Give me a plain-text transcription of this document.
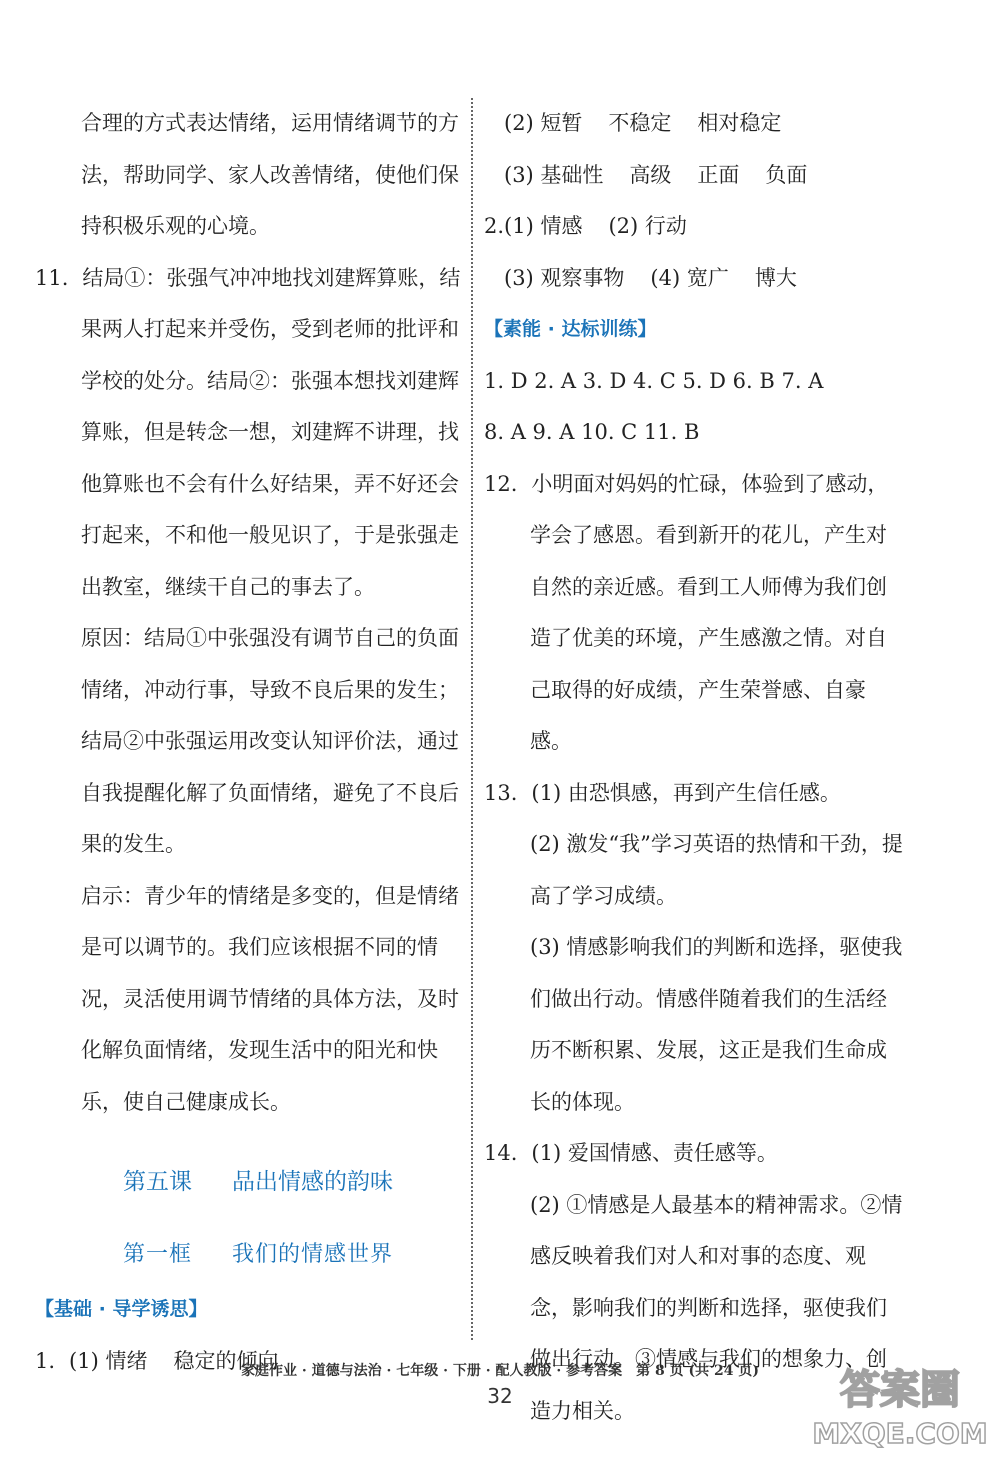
合理的方式表达情绪，运用情绪调节的方法，帮助同学、家人改善情绪，使他们保持积极乐观的心境。

11. 结局①：张强气冲冲地找刘建辉算账，结果两人打起来并受伤，受到老师的批评和学校的处分。结局②：张强本想找刘建辉算账，但是转念一想，刘建辉不讲理，找他算账也不会有什么好结果，弄不好还会打起来，不和他一般见识了，于是张强走出教室，继续干自己的事去了。

原因：结局①中张强没有调节自己的负面情绪，冲动行事，导致不良后果的发生；结局②中张强运用改变认知评价法，通过自我提醒化解了负面情绪，避免了不良后果的发生。

启示：青少年的情绪是多变的，但是情绪是可以调节的。我们应该根据不同的情况，灵活使用调节情绪的具体方法，及时化解负面情绪，发现生活中的阳光和快乐，使自己健康成长。

第五课 品出情感的韵味

第一框 我们的情感世界

【基础 · 导学诱思】

1. (1) 情绪 稳定的倾向

(2) 短暂 不稳定 相对稳定

(3) 基础性 高级 正面 负面

2.(1) 情感 (2) 行动

(3) 观察事物 (4) 宽广 博大

【素能 · 达标训练】

1. D 2. A 3. D 4. C 5. D 6. B 7. A

8. A 9. A 10. C 11. B

12. 小明面对妈妈的忙碌，体验到了感动，学会了感恩。看到新开的花儿，产生对自然的亲近感。看到工人师傅为我们创造了优美的环境，产生感激之情。对自己取得的好成绩，产生荣誉感、自豪感。

13. (1) 由恐惧感，再到产生信任感。

(2) 激发“我”学习英语的热情和干劲，提高了学习成绩。

(3) 情感影响我们的判断和选择，驱使我们做出行动。情感伴随着我们的生活经历不断积累、发展，这正是我们生命成长的体现。

14. (1) 爱国情感、责任感等。

(2) ①情感是人最基本的精神需求。②情感反映着我们对人和对事的态度、观念，影响我们的判断和选择，驱使我们做出行动。③情感与我们的想象力、创造力相关。

家庭作业 · 道德与法治 · 七年级 · 下册 · 配人教版 · 参考答案　第 8 页 (共 24 页)
32	答案圈
MXQE.COM
